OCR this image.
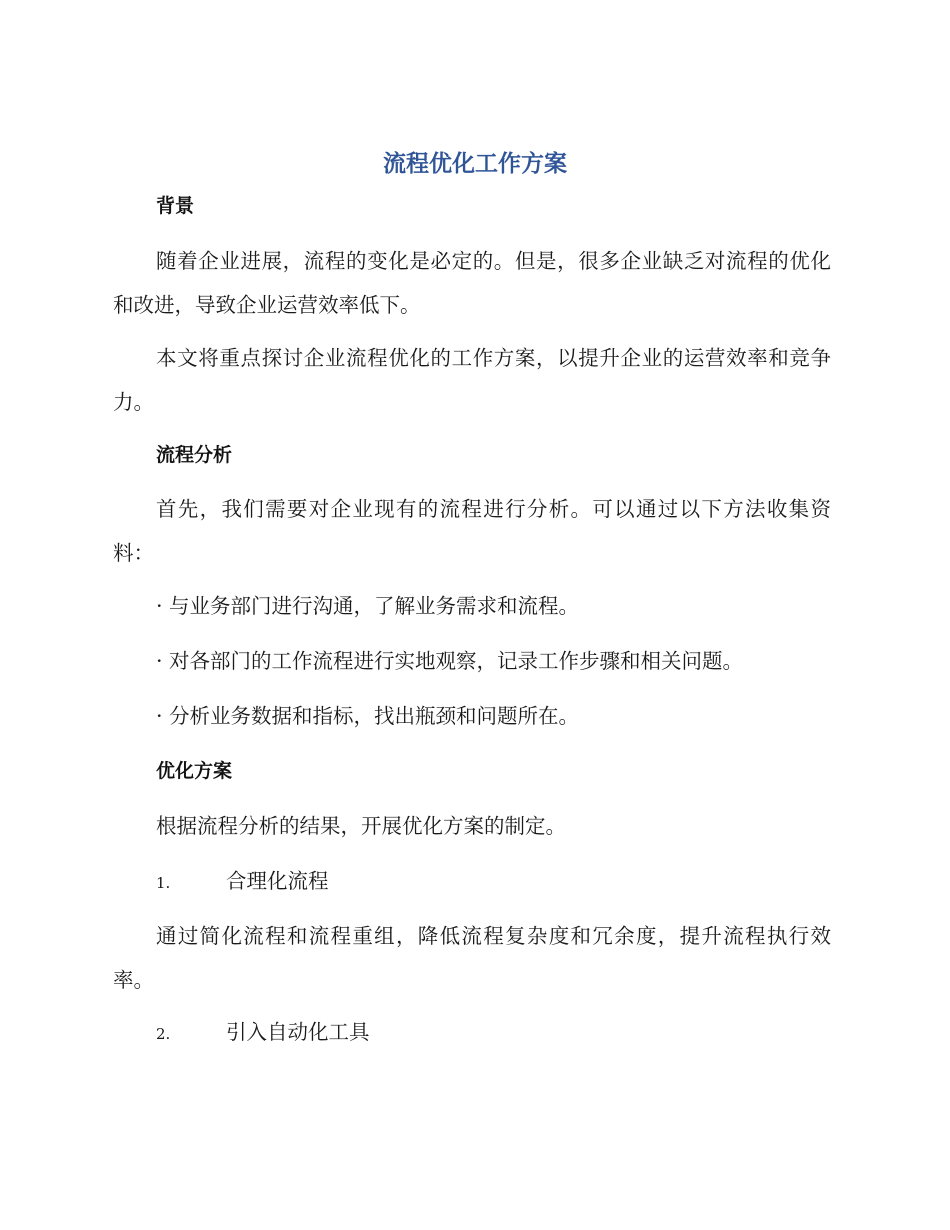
流程优化工作方案
背景

随着企业进展，流程的变化是必定的。但是，很多企业缺乏对流程的优化和改进，导致企业运营效率低下。

本文将重点探讨企业流程优化的工作方案，以提升企业的运营效率和竞争力。

流程分析

首先，我们需要对企业现有的流程进行分析。可以通过以下方法收集资料：

· 与业务部门进行沟通，了解业务需求和流程。
· 对各部门的工作流程进行实地观察，记录工作步骤和相关问题。
· 分析业务数据和指标，找出瓶颈和问题所在。
优化方案
根据流程分析的结果，开展优化方案的制定。
1.	合理化流程

通过简化流程和流程重组，降低流程复杂度和冗余度，提升流程执行效率。

2.	引入自动化工具
